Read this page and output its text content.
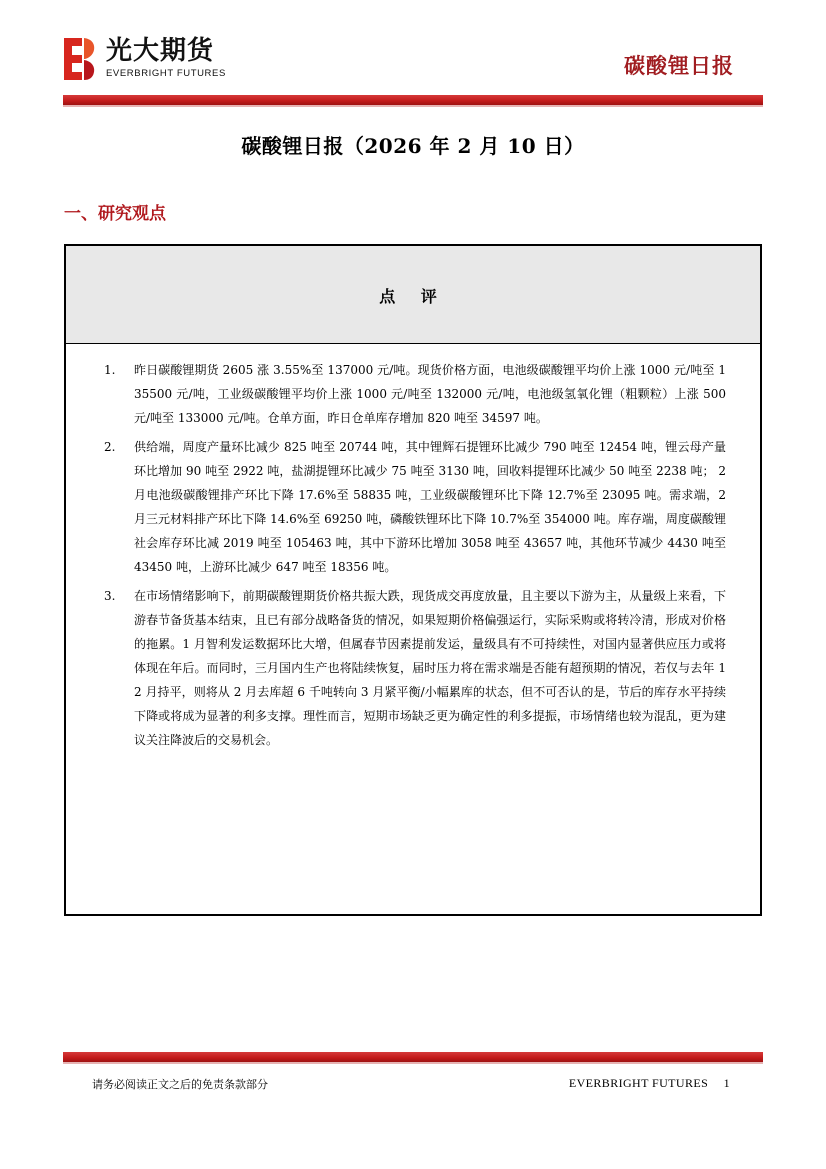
光大期货
EVERBRIGHT FUTURES	碳酸锂日报
碳酸锂日报（2026 年 2 月 10 日）
一、研究观点
点 评
1. 昨日碳酸锂期货 2605 涨 3.55%至 137000 元/吨。现货价格方面，电池级碳酸锂平均价上涨 1000 元/吨至 135500 元/吨，工业级碳酸锂平均价上涨 1000 元/吨至 132000 元/吨，电池级氢氧化锂（粗颗粒）上涨 500 元/吨至 133000 元/吨。仓单方面，昨日仓单库存增加 820 吨至 34597 吨。
2. 供给端，周度产量环比减少 825 吨至 20744 吨，其中锂辉石提锂环比减少 790 吨至 12454 吨，锂云母产量环比增加 90 吨至 2922 吨，盐湖提锂环比减少 75 吨至 3130 吨，回收料提锂环比减少 50 吨至 2238 吨； 2 月电池级碳酸锂排产环比下降 17.6%至 58835 吨，工业级碳酸锂环比下降 12.7%至 23095 吨。需求端，2 月三元材料排产环比下降 14.6%至 69250 吨，磷酸铁锂环比下降 10.7%至 354000 吨。库存端，周度碳酸锂社会库存环比减 2019 吨至 105463 吨，其中下游环比增加 3058 吨至 43657 吨，其他环节减少 4430 吨至 43450 吨，上游环比减少 647 吨至 18356 吨。
3. 在市场情绪影响下，前期碳酸锂期货价格共振大跌，现货成交再度放量，且主要以下游为主，从量级上来看，下游春节备货基本结束，且已有部分战略备货的情况，如果短期价格偏强运行，实际采购或将转冷清，形成对价格的拖累。1 月智利发运数据环比大增，但属春节因素提前发运，量级具有不可持续性，对国内显著供应压力或将体现在年后。而同时，三月国内生产也将陆续恢复，届时压力将在需求端是否能有超预期的情况，若仅与去年 12 月持平，则将从 2 月去库超 6 千吨转向 3 月紧平衡/小幅累库的状态，但不可否认的是，节后的库存水平持续下降或将成为显著的利多支撑。理性而言，短期市场缺乏更为确定性的利多提振，市场情绪也较为混乱，更为建议关注降波后的交易机会。
请务必阅读正文之后的免责条款部分	EVERBRIGHT FUTURES 1
